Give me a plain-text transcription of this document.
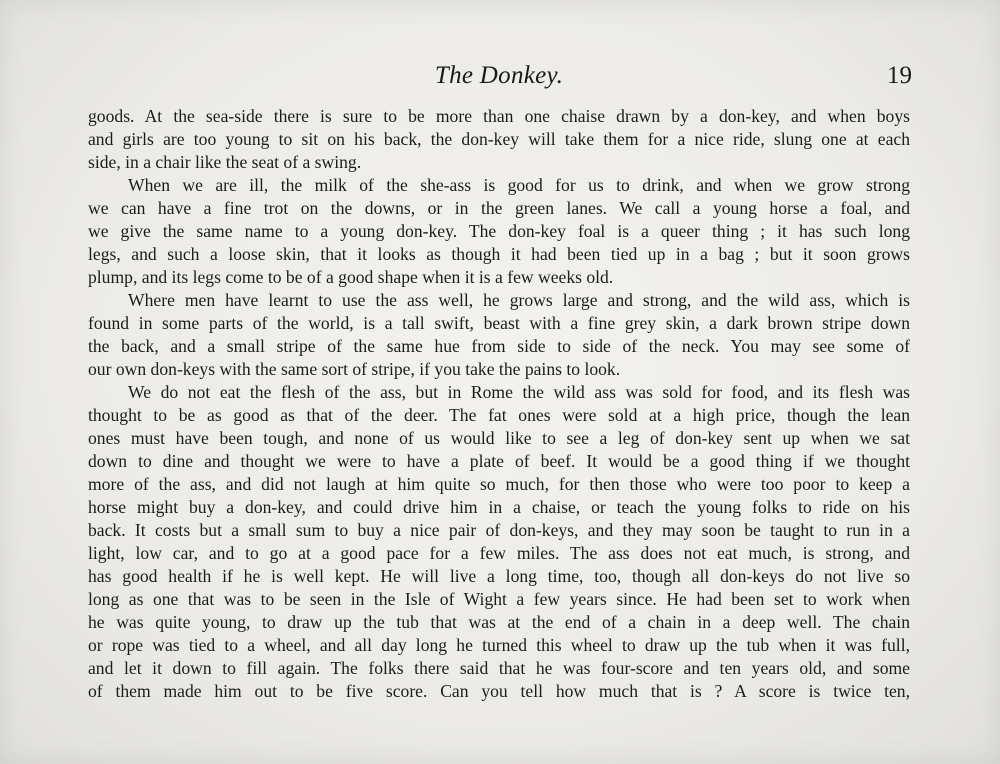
The Donkey.	19
goods. At the sea-side there is sure to be more than one chaise drawn by a don-key, and when boys
and girls are too young to sit on his back, the don-key will take them for a nice ride, slung one at each
side, in a chair like the seat of a swing.
When we are ill, the milk of the she-ass is good for us to drink, and when we grow strong
we can have a fine trot on the downs, or in the green lanes. We call a young horse a foal, and
we give the same name to a young don-key. The don-key foal is a queer thing ; it has such long
legs, and such a loose skin, that it looks as though it had been tied up in a bag ; but it soon grows
plump, and its legs come to be of a good shape when it is a few weeks old.
Where men have learnt to use the ass well, he grows large and strong, and the wild ass, which is
found in some parts of the world, is a tall swift, beast with a fine grey skin, a dark brown stripe down
the back, and a small stripe of the same hue from side to side of the neck. You may see some of
our own don-keys with the same sort of stripe, if you take the pains to look.
We do not eat the flesh of the ass, but in Rome the wild ass was sold for food, and its flesh was
thought to be as good as that of the deer. The fat ones were sold at a high price, though the lean
ones must have been tough, and none of us would like to see a leg of don-key sent up when we sat
down to dine and thought we were to have a plate of beef. It would be a good thing if we thought
more of the ass, and did not laugh at him quite so much, for then those who were too poor to keep a
horse might buy a don-key, and could drive him in a chaise, or teach the young folks to ride on his
back. It costs but a small sum to buy a nice pair of don-keys, and they may soon be taught to run in a
light, low car, and to go at a good pace for a few miles. The ass does not eat much, is strong, and
has good health if he is well kept. He will live a long time, too, though all don-keys do not live so
long as one that was to be seen in the Isle of Wight a few years since. He had been set to work when
he was quite young, to draw up the tub that was at the end of a chain in a deep well. The chain
or rope was tied to a wheel, and all day long he turned this wheel to draw up the tub when it was full,
and let it down to fill again. The folks there said that he was four-score and ten years old, and some
of them made him out to be five score. Can you tell how much that is ? A score is twice ten,
